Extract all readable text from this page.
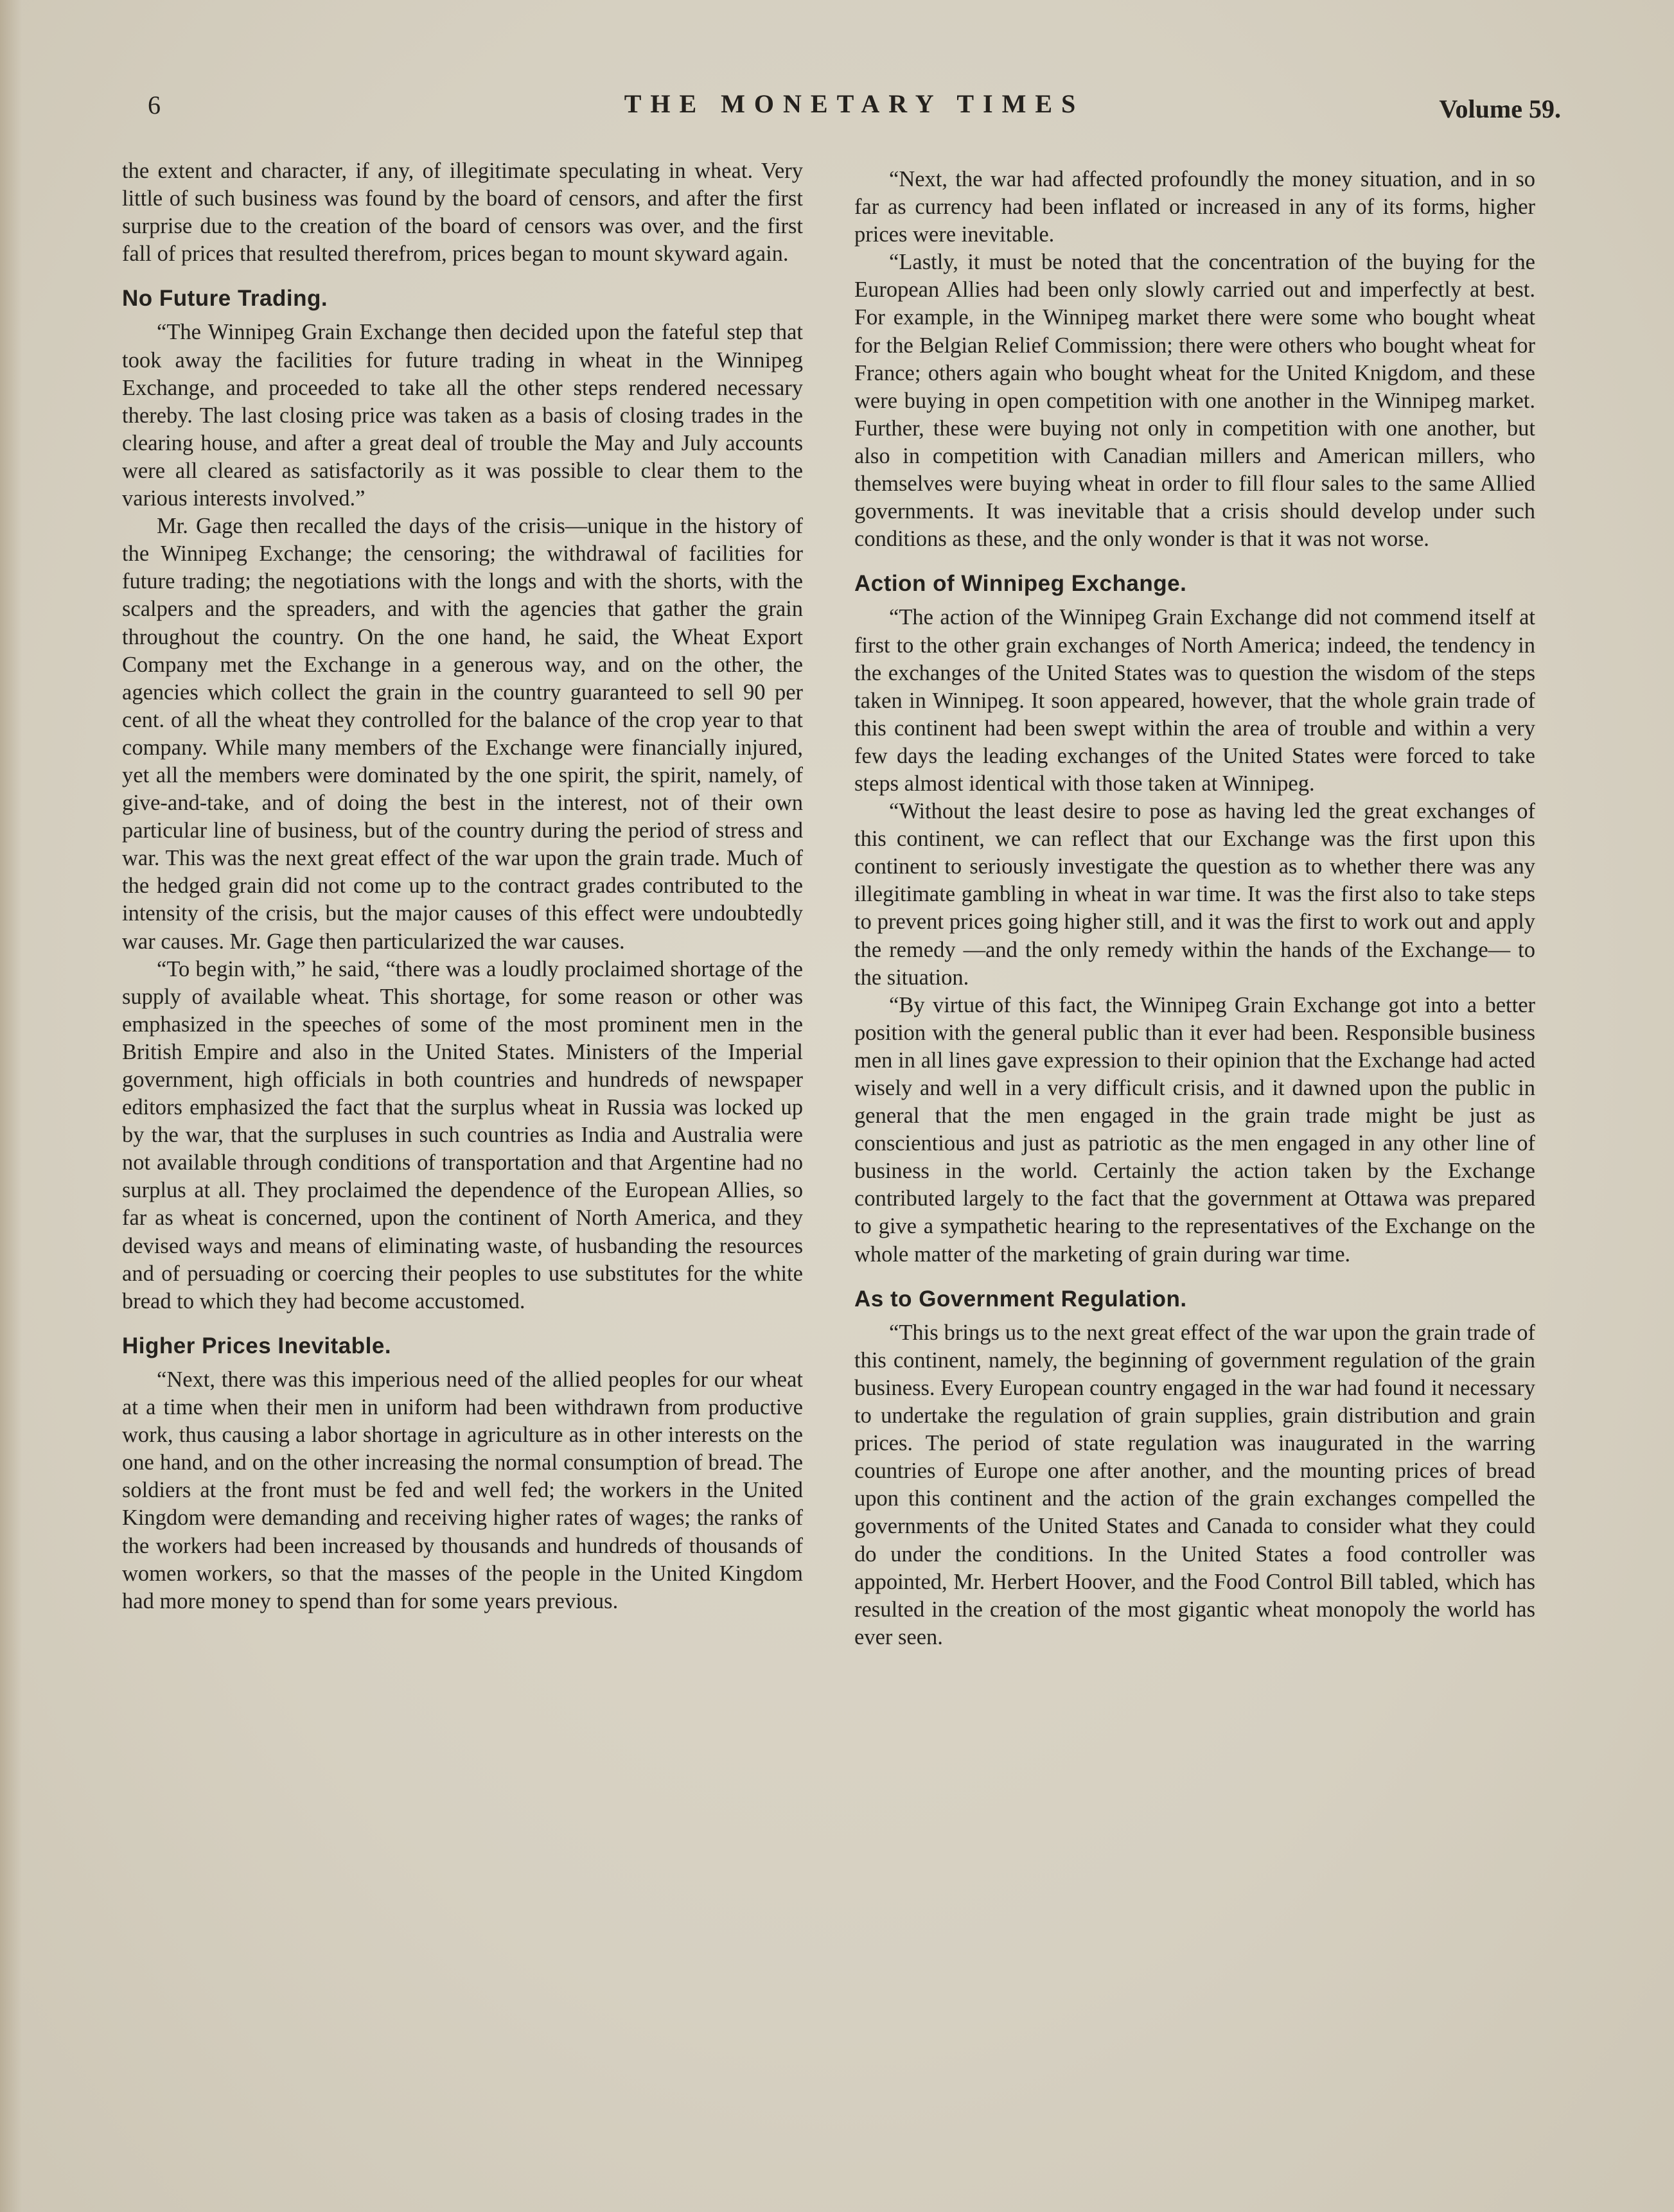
6	THE MONETARY TIMES	Volume 59.

the extent and character, if any, of illegitimate speculating in wheat. Very little of such business was found by the board of censors, and after the first surprise due to the creation of the board of censors was over, and the first fall of prices that resulted therefrom, prices began to mount skyward again.

No Future Trading.

“The Winnipeg Grain Exchange then decided upon the fateful step that took away the facilities for future trading in wheat in the Winnipeg Exchange, and proceeded to take all the other steps rendered necessary thereby. The last closing price was taken as a basis of closing trades in the clearing house, and after a great deal of trouble the May and July accounts were all cleared as satisfactorily as it was possible to clear them to the various interests involved.”

Mr. Gage then recalled the days of the crisis—unique in the history of the Winnipeg Exchange; the censoring; the withdrawal of facilities for future trading; the negotiations with the longs and with the shorts, with the scalpers and the spreaders, and with the agencies that gather the grain throughout the country. On the one hand, he said, the Wheat Export Company met the Exchange in a generous way, and on the other, the agencies which collect the grain in the country guaranteed to sell 90 per cent. of all the wheat they controlled for the balance of the crop year to that company. While many members of the Exchange were financially injured, yet all the members were dominated by the one spirit, the spirit, namely, of give-and-take, and of doing the best in the interest, not of their own particular line of business, but of the country during the period of stress and war. This was the next great effect of the war upon the grain trade. Much of the hedged grain did not come up to the contract grades contributed to the intensity of the crisis, but the major causes of this effect were undoubtedly war causes. Mr. Gage then particularized the war causes.

“To begin with,” he said, “there was a loudly proclaimed shortage of the supply of available wheat. This shortage, for some reason or other was emphasized in the speeches of some of the most prominent men in the British Empire and also in the United States. Ministers of the Imperial government, high officials in both countries and hundreds of newspaper editors emphasized the fact that the surplus wheat in Russia was locked up by the war, that the surpluses in such countries as India and Australia were not available through conditions of transportation and that Argentine had no surplus at all. They proclaimed the dependence of the European Allies, so far as wheat is concerned, upon the continent of North America, and they devised ways and means of eliminating waste, of husbanding the resources and of persuading or coercing their peoples to use substitutes for the white bread to which they had become accustomed.

Higher Prices Inevitable.

“Next, there was this imperious need of the allied peoples for our wheat at a time when their men in uniform had been withdrawn from productive work, thus causing a labor shortage in agriculture as in other interests on the one hand, and on the other increasing the normal consumption of bread. The soldiers at the front must be fed and well fed; the workers in the United Kingdom were demanding and receiving higher rates of wages; the ranks of the workers had been increased by thousands and hundreds of thousands of women workers, so that the masses of the people in the United Kingdom had more money to spend than for some years previous.

“Next, the war had affected profoundly the money situation, and in so far as currency had been inflated or increased in any of its forms, higher prices were inevitable.

“Lastly, it must be noted that the concentration of the buying for the European Allies had been only slowly carried out and imperfectly at best. For example, in the Winnipeg market there were some who bought wheat for the Belgian Relief Commission; there were others who bought wheat for France; others again who bought wheat for the United Knigdom, and these were buying in open competition with one another in the Winnipeg market. Further, these were buying not only in competition with one another, but also in competition with Canadian millers and American millers, who themselves were buying wheat in order to fill flour sales to the same Allied governments. It was inevitable that a crisis should develop under such conditions as these, and the only wonder is that it was not worse.

Action of Winnipeg Exchange.

“The action of the Winnipeg Grain Exchange did not commend itself at first to the other grain exchanges of North America; indeed, the tendency in the exchanges of the United States was to question the wisdom of the steps taken in Winnipeg. It soon appeared, however, that the whole grain trade of this continent had been swept within the area of trouble and within a very few days the leading exchanges of the United States were forced to take steps almost identical with those taken at Winnipeg.

“Without the least desire to pose as having led the great exchanges of this continent, we can reflect that our Exchange was the first upon this continent to seriously investigate the question as to whether there was any illegitimate gambling in wheat in war time. It was the first also to take steps to prevent prices going higher still, and it was the first to work out and apply the remedy —and the only remedy within the hands of the Exchange— to the situation.

“By virtue of this fact, the Winnipeg Grain Exchange got into a better position with the general public than it ever had been. Responsible business men in all lines gave expression to their opinion that the Exchange had acted wisely and well in a very difficult crisis, and it dawned upon the public in general that the men engaged in the grain trade might be just as conscientious and just as patriotic as the men engaged in any other line of business in the world. Certainly the action taken by the Exchange contributed largely to the fact that the government at Ottawa was prepared to give a sympathetic hearing to the representatives of the Exchange on the whole matter of the marketing of grain during war time.

As to Government Regulation.

“This brings us to the next great effect of the war upon the grain trade of this continent, namely, the beginning of government regulation of the grain business. Every European country engaged in the war had found it necessary to undertake the regulation of grain supplies, grain distribution and grain prices. The period of state regulation was inaugurated in the warring countries of Europe one after another, and the mounting prices of bread upon this continent and the action of the grain exchanges compelled the governments of the United States and Canada to consider what they could do under the conditions. In the United States a food controller was appointed, Mr. Herbert Hoover, and the Food Control Bill tabled, which has resulted in the creation of the most gigantic wheat monopoly the world has ever seen.
